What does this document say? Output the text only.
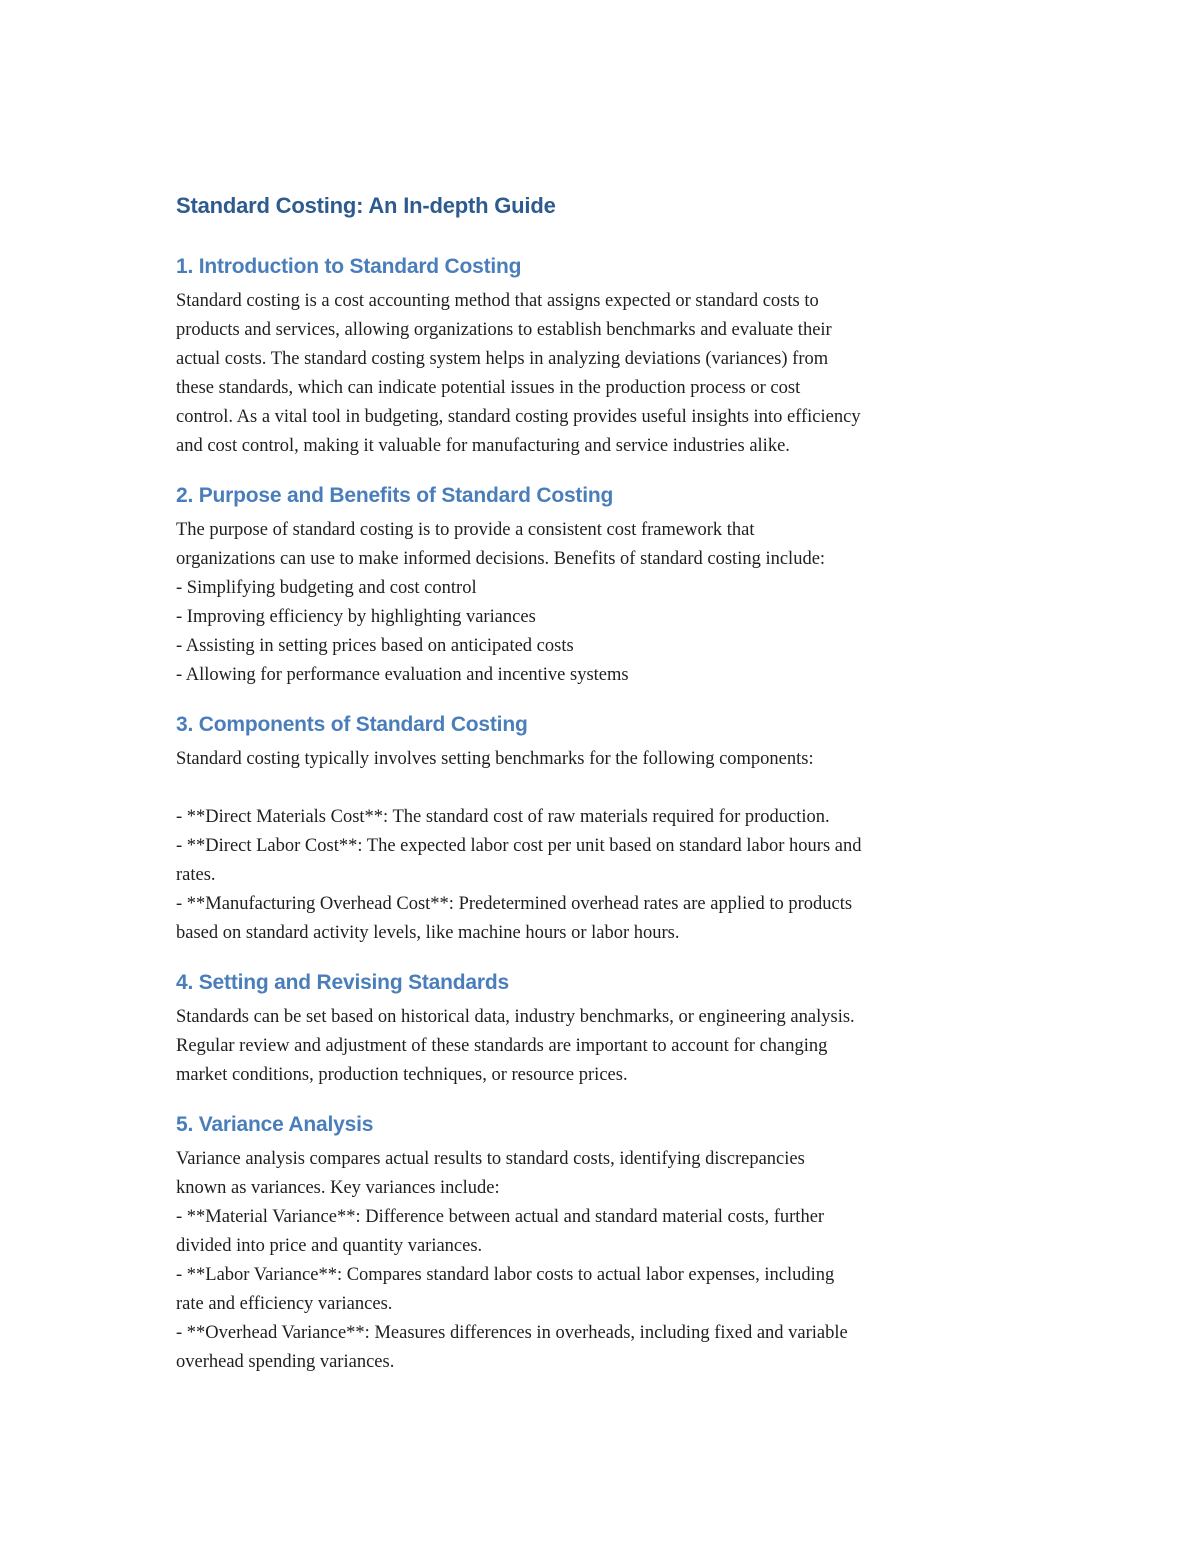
Standard Costing: An In-depth Guide
1. Introduction to Standard Costing
Standard costing is a cost accounting method that assigns expected or standard costs to
products and services, allowing organizations to establish benchmarks and evaluate their
actual costs. The standard costing system helps in analyzing deviations (variances) from
these standards, which can indicate potential issues in the production process or cost
control. As a vital tool in budgeting, standard costing provides useful insights into efficiency
and cost control, making it valuable for manufacturing and service industries alike.
2. Purpose and Benefits of Standard Costing
The purpose of standard costing is to provide a consistent cost framework that
organizations can use to make informed decisions. Benefits of standard costing include:
- Simplifying budgeting and cost control
- Improving efficiency by highlighting variances
- Assisting in setting prices based on anticipated costs
- Allowing for performance evaluation and incentive systems
3. Components of Standard Costing
Standard costing typically involves setting benchmarks for the following components:
- **Direct Materials Cost**: The standard cost of raw materials required for production.
- **Direct Labor Cost**: The expected labor cost per unit based on standard labor hours and
rates.
- **Manufacturing Overhead Cost**: Predetermined overhead rates are applied to products
based on standard activity levels, like machine hours or labor hours.
4. Setting and Revising Standards
Standards can be set based on historical data, industry benchmarks, or engineering analysis.
Regular review and adjustment of these standards are important to account for changing
market conditions, production techniques, or resource prices.
5. Variance Analysis
Variance analysis compares actual results to standard costs, identifying discrepancies
known as variances. Key variances include:
- **Material Variance**: Difference between actual and standard material costs, further
divided into price and quantity variances.
- **Labor Variance**: Compares standard labor costs to actual labor expenses, including
rate and efficiency variances.
- **Overhead Variance**: Measures differences in overheads, including fixed and variable
overhead spending variances.
